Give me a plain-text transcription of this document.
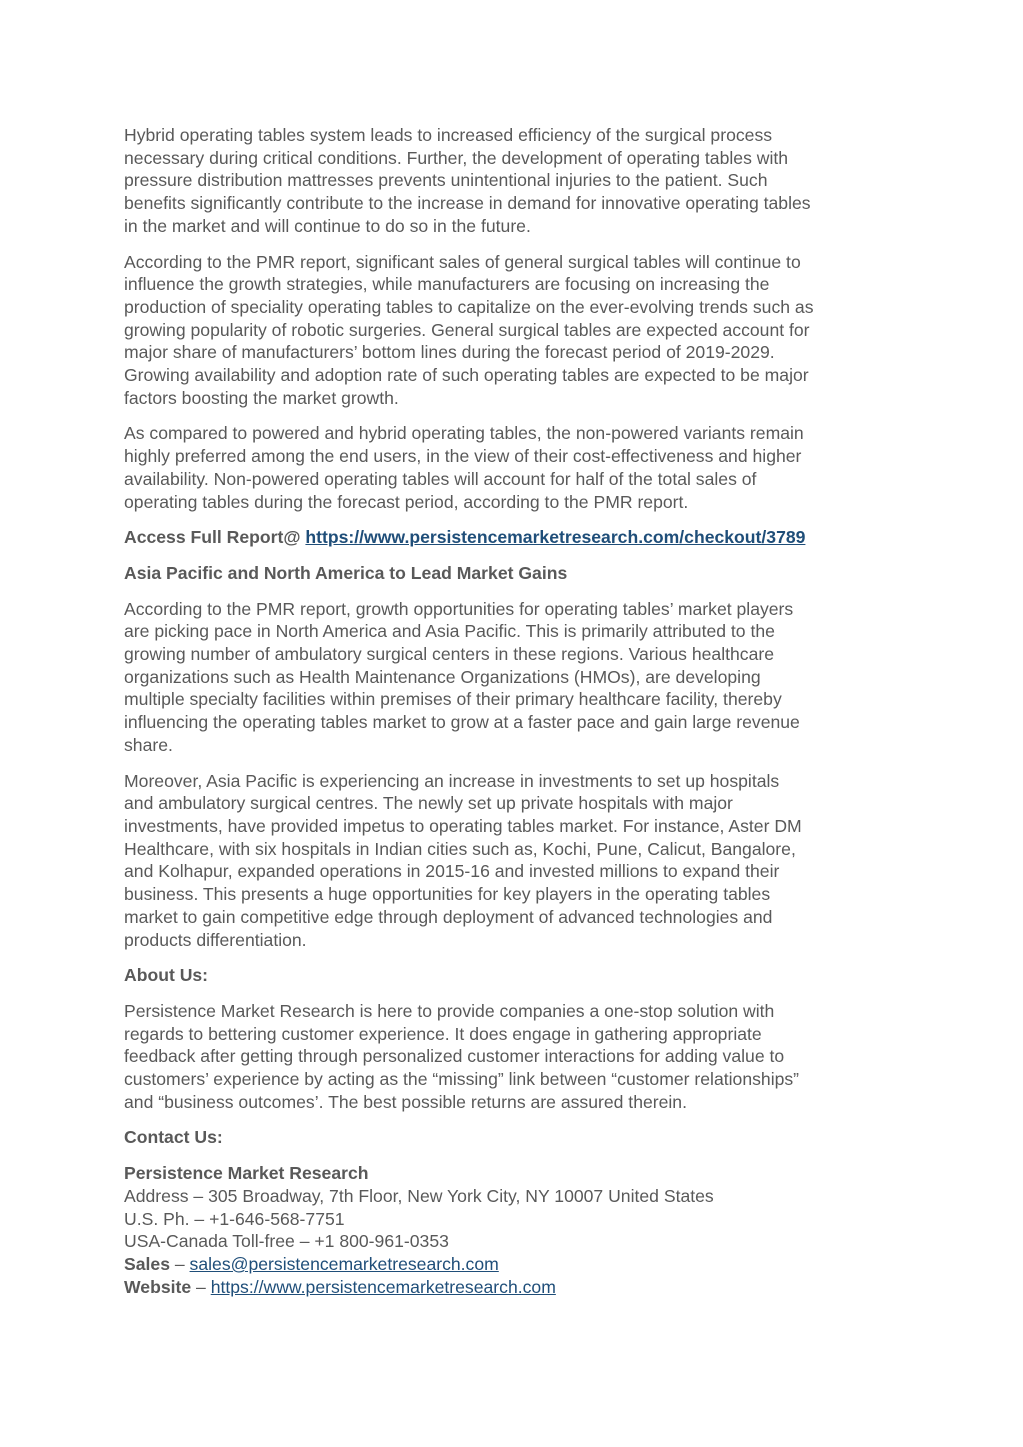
Hybrid operating tables system leads to increased efficiency of the surgical process
necessary during critical conditions. Further, the development of operating tables with
pressure distribution mattresses prevents unintentional injuries to the patient. Such
benefits significantly contribute to the increase in demand for innovative operating tables
in the market and will continue to do so in the future.

According to the PMR report, significant sales of general surgical tables will continue to
influence the growth strategies, while manufacturers are focusing on increasing the
production of speciality operating tables to capitalize on the ever-evolving trends such as
growing popularity of robotic surgeries. General surgical tables are expected account for
major share of manufacturers’ bottom lines during the forecast period of 2019-2029.
Growing availability and adoption rate of such operating tables are expected to be major
factors boosting the market growth.

As compared to powered and hybrid operating tables, the non-powered variants remain
highly preferred among the end users, in the view of their cost-effectiveness and higher
availability. Non-powered operating tables will account for half of the total sales of
operating tables during the forecast period, according to the PMR report.

Access Full Report@ https://www.persistencemarketresearch.com/checkout/3789

Asia Pacific and North America to Lead Market Gains

According to the PMR report, growth opportunities for operating tables’ market players
are picking pace in North America and Asia Pacific. This is primarily attributed to the
growing number of ambulatory surgical centers in these regions. Various healthcare
organizations such as Health Maintenance Organizations (HMOs), are developing
multiple specialty facilities within premises of their primary healthcare facility, thereby
influencing the operating tables market to grow at a faster pace and gain large revenue
share.

Moreover, Asia Pacific is experiencing an increase in investments to set up hospitals
and ambulatory surgical centres. The newly set up private hospitals with major
investments, have provided impetus to operating tables market. For instance, Aster DM
Healthcare, with six hospitals in Indian cities such as, Kochi, Pune, Calicut, Bangalore,
and Kolhapur, expanded operations in 2015-16 and invested millions to expand their
business. This presents a huge opportunities for key players in the operating tables
market to gain competitive edge through deployment of advanced technologies and
products differentiation.

About Us:

Persistence Market Research is here to provide companies a one-stop solution with
regards to bettering customer experience. It does engage in gathering appropriate
feedback after getting through personalized customer interactions for adding value to
customers’ experience by acting as the “missing” link between “customer relationships”
and “business outcomes’. The best possible returns are assured therein.

Contact Us:

Persistence Market Research
Address – 305 Broadway, 7th Floor, New York City, NY 10007 United States
U.S. Ph. – +1-646-568-7751
USA-Canada Toll-free – +1 800-961-0353
Sales – sales@persistencemarketresearch.com
Website – https://www.persistencemarketresearch.com
